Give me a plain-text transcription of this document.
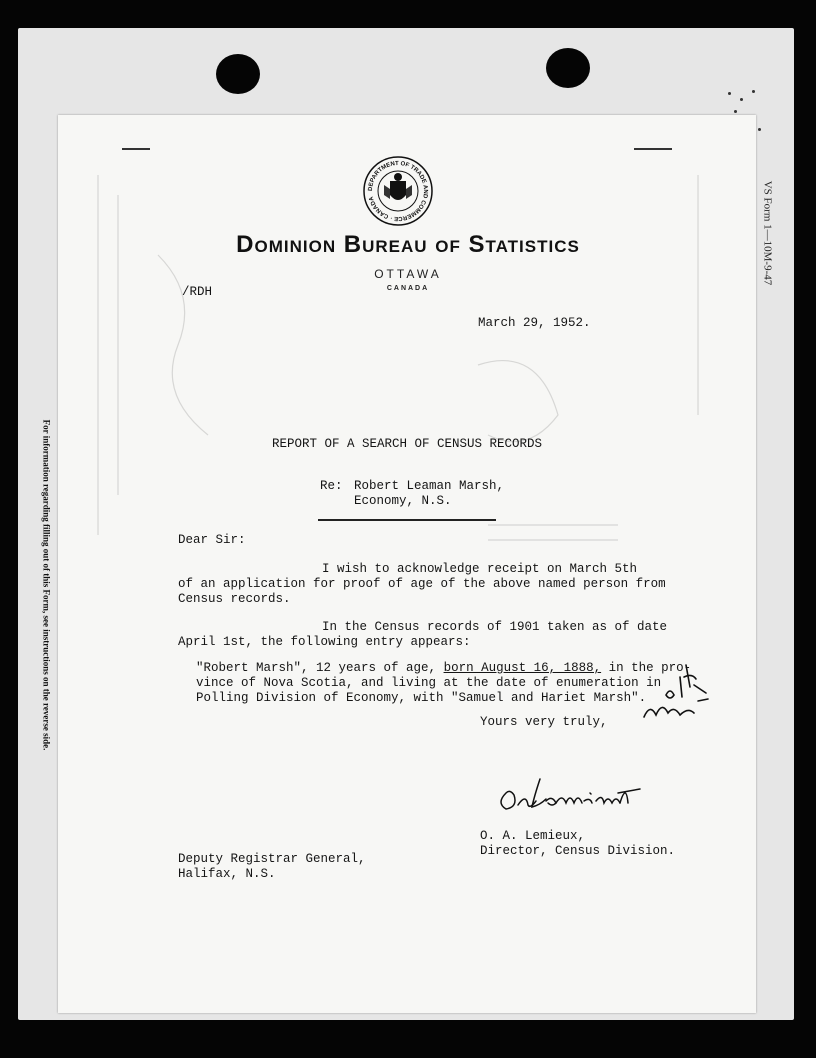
For information regarding filling out of this Form, see instructions on the reverse side.
VS Form 1—10M-9-47
DEPARTMENT OF TRADE AND COMMERCE · CANADA
Dominion Bureau of Statistics
OTTAWA
CANADA
/RDH
March 29, 1952.
REPORT OF A SEARCH OF CENSUS RECORDS
Re: Robert Leaman Marsh,
Economy, N.S.
Dear Sir:
I wish to acknowledge receipt on March 5th
of an application for proof of age of the above named person from
Census records.
In the Census records of 1901 taken as of date
April 1st, the following entry appears:
"Robert Marsh", 12 years of age, born August 16, 1888, in the pro-
vince of Nova Scotia, and living at the date of enumeration in
Polling Division of Economy, with "Samuel and Hariet Marsh".
Yours very truly,
O. A. Lemieux,
Director, Census Division.
Deputy Registrar General,
Halifax, N.S.
